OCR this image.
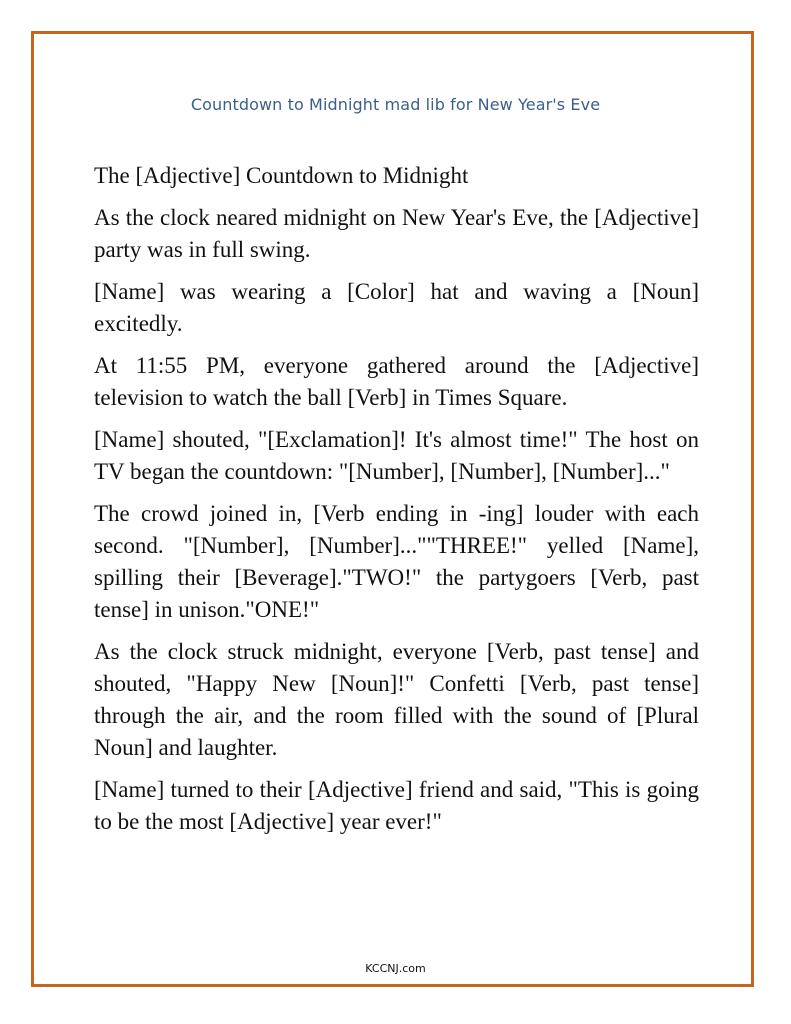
Countdown to Midnight mad lib for New Year's Eve

The [Adjective] Countdown to Midnight

As the clock neared midnight on New Year's Eve, the [Adjective] party was in full swing.

[Name] was wearing a [Color] hat and waving a [Noun] excitedly.

At 11:55 PM, everyone gathered around the [Adjective] television to watch the ball [Verb] in Times Square.

[Name] shouted, "[Exclamation]! It's almost time!" The host on TV began the countdown: "[Number], [Number], [Number]..."

The crowd joined in, [Verb ending in -ing] louder with each second. "[Number], [Number]...""THREE!" yelled [Name], spilling their [Beverage]."TWO!" the partygoers [Verb, past tense] in unison."ONE!"

As the clock struck midnight, everyone [Verb, past tense] and shouted, "Happy New [Noun]!" Confetti [Verb, past tense] through the air, and the room filled with the sound of [Plural Noun] and laughter.

[Name] turned to their [Adjective] friend and said, "This is going to be the most [Adjective] year ever!"

KCCNJ.com
